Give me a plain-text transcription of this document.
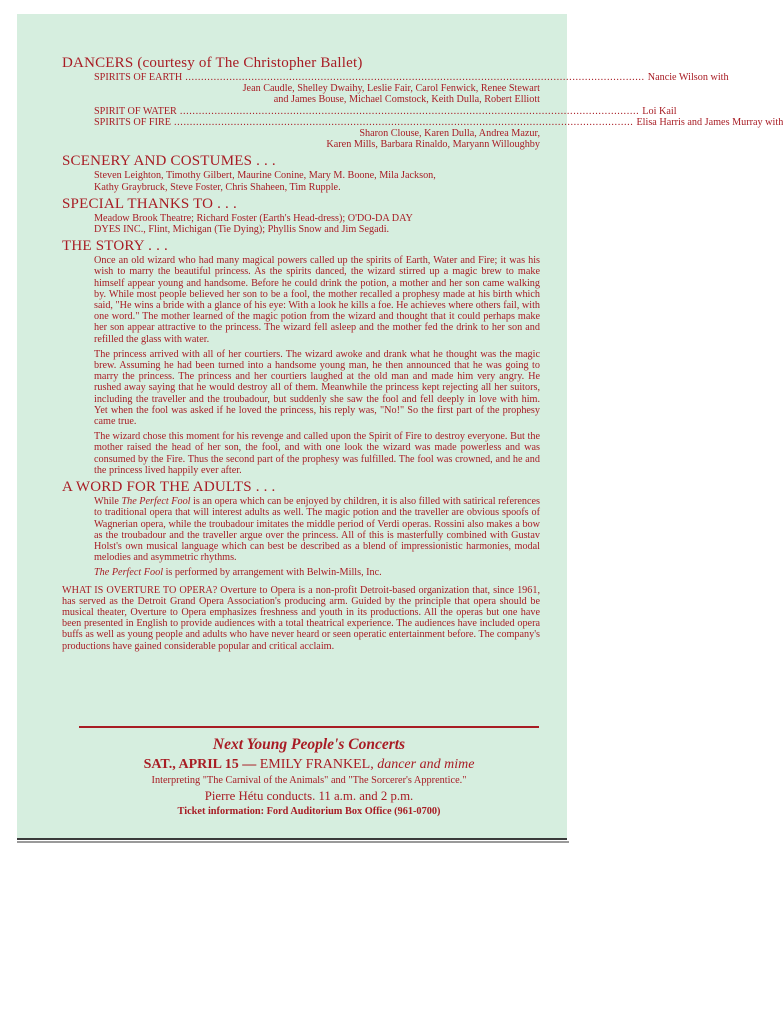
DANCERS (courtesy of The Christopher Ballet)
SPIRITS OF EARTH .................................................................................................................................................. Nancie Wilson with
Jean Caudle, Shelley Dwaihy, Leslie Fair, Carol Fenwick, Renee Stewart
and James Bouse, Michael Comstock, Keith Dulla, Robert Elliott
SPIRIT OF WATER .................................................................................................................................................. Loi Kail
SPIRITS OF FIRE .................................................................................................................................................. Elisa Harris and James Murray with
Sharon Clouse, Karen Dulla, Andrea Mazur,
Karen Mills, Barbara Rinaldo, Maryann Willoughby
SCENERY AND COSTUMES . . .
Steven Leighton, Timothy Gilbert, Maurine Conine, Mary M. Boone, Mila Jackson,
Kathy Graybruck, Steve Foster, Chris Shaheen, Tim Rupple.
SPECIAL THANKS TO . . .
Meadow Brook Theatre; Richard Foster (Earth's Head-dress); O'DO-DA DAY
DYES INC., Flint, Michigan (Tie Dying); Phyllis Snow and Jim Segadi.
THE STORY . . .

Once an old wizard who had many magical powers called up the spirits of Earth, Water and Fire; it was his wish to marry the beautiful princess. As the spirits danced, the wizard stirred up a magic brew to make himself appear young and handsome. Before he could drink the potion, a mother and her son came walking by. While most people believed her son to be a fool, the mother recalled a prophesy made at his birth which said, "He wins a bride with a glance of his eye: With a look he kills a foe. He achieves where others fail, with one word." The mother learned of the magic potion from the wizard and thought that it could perhaps make her son appear attractive to the princess. The wizard fell asleep and the mother fed the drink to her son and refilled the glass with water.

The princess arrived with all of her courtiers. The wizard awoke and drank what he thought was the magic brew. Assuming he had been turned into a handsome young man, he then announced that he was going to marry the princess. The princess and her courtiers laughed at the old man and made him very angry. He rushed away saying that he would destroy all of them. Meanwhile the princess kept rejecting all her suitors, including the traveller and the troubadour, but suddenly she saw the fool and fell deeply in love with him. Yet when the fool was asked if he loved the princess, his reply was, "No!" So the first part of the prophesy came true.

The wizard chose this moment for his revenge and called upon the Spirit of Fire to destroy everyone. But the mother raised the head of her son, the fool, and with one look the wizard was made powerless and was consumed by the Fire. Thus the second part of the prophesy was fulfilled. The fool was crowned, and he and the princess lived happily ever after.

A WORD FOR THE ADULTS . . .

While The Perfect Fool is an opera which can be enjoyed by children, it is also filled with satirical references to traditional opera that will interest adults as well. The magic potion and the traveller are obvious spoofs of Wagnerian opera, while the troubadour imitates the middle period of Verdi operas. Rossini also makes a bow as the troubadour and the traveller argue over the princess. All of this is masterfully combined with Gustav Holst's own musical language which can best be described as a blend of impressionistic harmonies, modal melodies and asymmetric rhythms.

The Perfect Fool is performed by arrangement with Belwin-Mills, Inc.

WHAT IS OVERTURE TO OPERA? Overture to Opera is a non-profit Detroit-based organization that, since 1961, has served as the Detroit Grand Opera Association's producing arm. Guided by the principle that opera should be musical theater, Overture to Opera emphasizes freshness and youth in its productions. All the operas but one have been presented in English to provide audiences with a total theatrical experience. The audiences have included opera buffs as well as young people and adults who have never heard or seen operatic entertainment before. The company's productions have gained considerable popular and critical acclaim.
Next Young People's Concerts
SAT., APRIL 15 — EMILY FRANKEL, dancer and mime
Interpreting "The Carnival of the Animals" and "The Sorcerer's Apprentice."
Pierre Hétu conducts. 11 a.m. and 2 p.m.
Ticket information: Ford Auditorium Box Office (961-0700)
